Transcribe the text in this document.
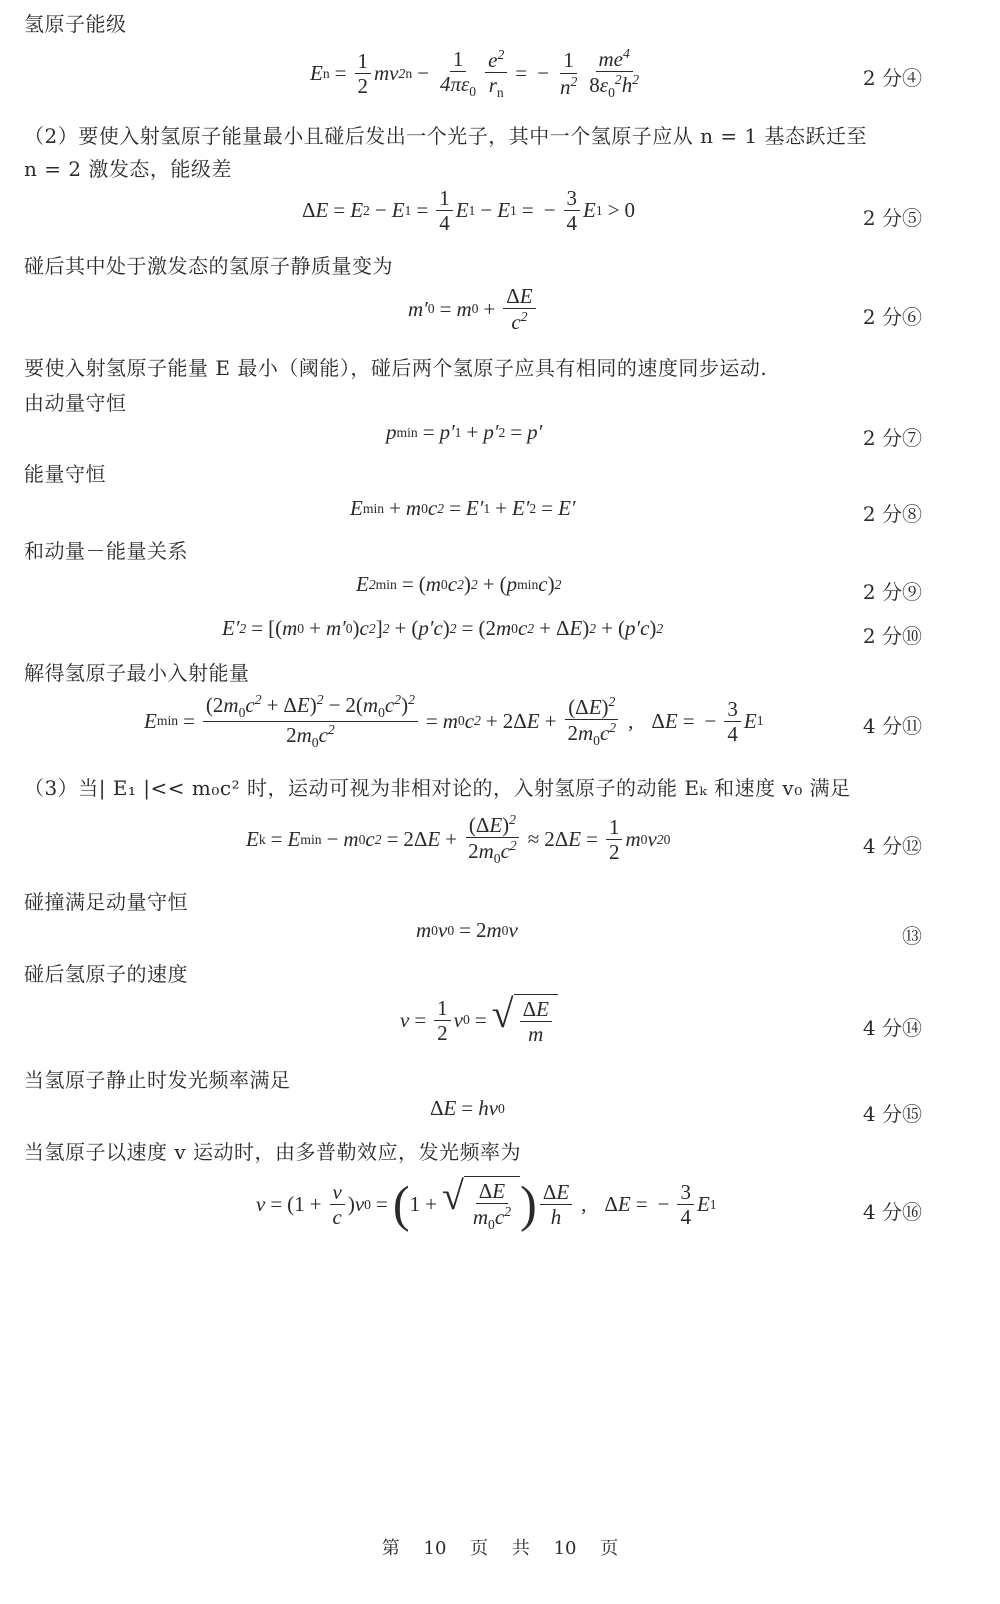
氢原子能级
E $n = \frac{1}{2}$ mv 2 $n - \frac{1}{4\pi\varepsilon_0} \frac{e^2}{r_n}$ = − $\frac{1}{n^2} \frac{me^4}{8\varepsilon_0^2h^2}$	2 分④
（2）要使入射氢原子能量最小且碰后发出一个光子，其中一个氢原子应从 n = 1 基态跃迁至
n = 2 激发态，能级差
Δ E = E 2 − E $1 = \frac{1}{4}$ E 1 − E 1 = − $\frac{3}{4}$ E 1 > 0	2 分⑤
碰后其中处于激发态的氢原子静质量变为
m′ 0 = m $0 + \frac{\Delta E}{c^2}$	2 分⑥
要使入射氢原子能量 E 最小（阈能），碰后两个氢原子应具有相同的速度同步运动.
由动量守恒
p min = p′ 1 + p′ 2 = p′	2 分⑦
能量守恒
E min + m 0 c 2 = E′ 1 + E′ 2 = E′	2 分⑧
和动量－能量关系
E 2 min = ( m 0 c 2 ) 2 + ( p min c ) 2	2 分⑨
E′ 2 = [( m 0 + m′ 0 ) c 2 ] 2 + ( p′c ) 2 = (2 m 0 c 2 + Δ E ) 2 + ( p′c ) 2	2 分⑩
解得氢原子最小入射能量
E $\min = \frac{(2m_0c^2 + \Delta E)^2 - 2(m_0c^2)^2}{2m_0c^2} = m$ 0 c 2 + 2Δ $E + \frac{(\Delta E)^2}{2m_0c^2}$ , Δ E = − $\frac{3}{4}$ E 1	4 分⑪
（3）当| E₁ |<< m₀c² 时，运动可视为非相对论的，入射氢原子的动能 Eₖ 和速度 v₀ 满足
E k = E min − m 0 c 2 = 2Δ $E + \frac{(\Delta E)^2}{2m_0c^2} \approx 2\Delta$ $E = \frac{1}{2}$ m 0 v 2 0	4 分⑫
碰撞满足动量守恒
m 0 v 0 = 2 m 0 v	⑬
碰后氢原子的速度
$v = \frac{1}{2}$ v 0 = √ $\frac{\Delta E}{m}$	4 分⑭
当氢原子静止时发光频率满足
Δ E = hν 0	4 分⑮
当氢原子以速度 v 运动时，由多普勒效应，发光频率为
$\nu = (1 + \frac{v}{c}$ ) ν 0 = ( 1 + √ $\frac{\Delta E}{m_0c^2}$ ) $\frac{\Delta E}{h}$ , Δ E = − $\frac{3}{4}$ E 1	4 分⑯
第 10 页 共 10 页
